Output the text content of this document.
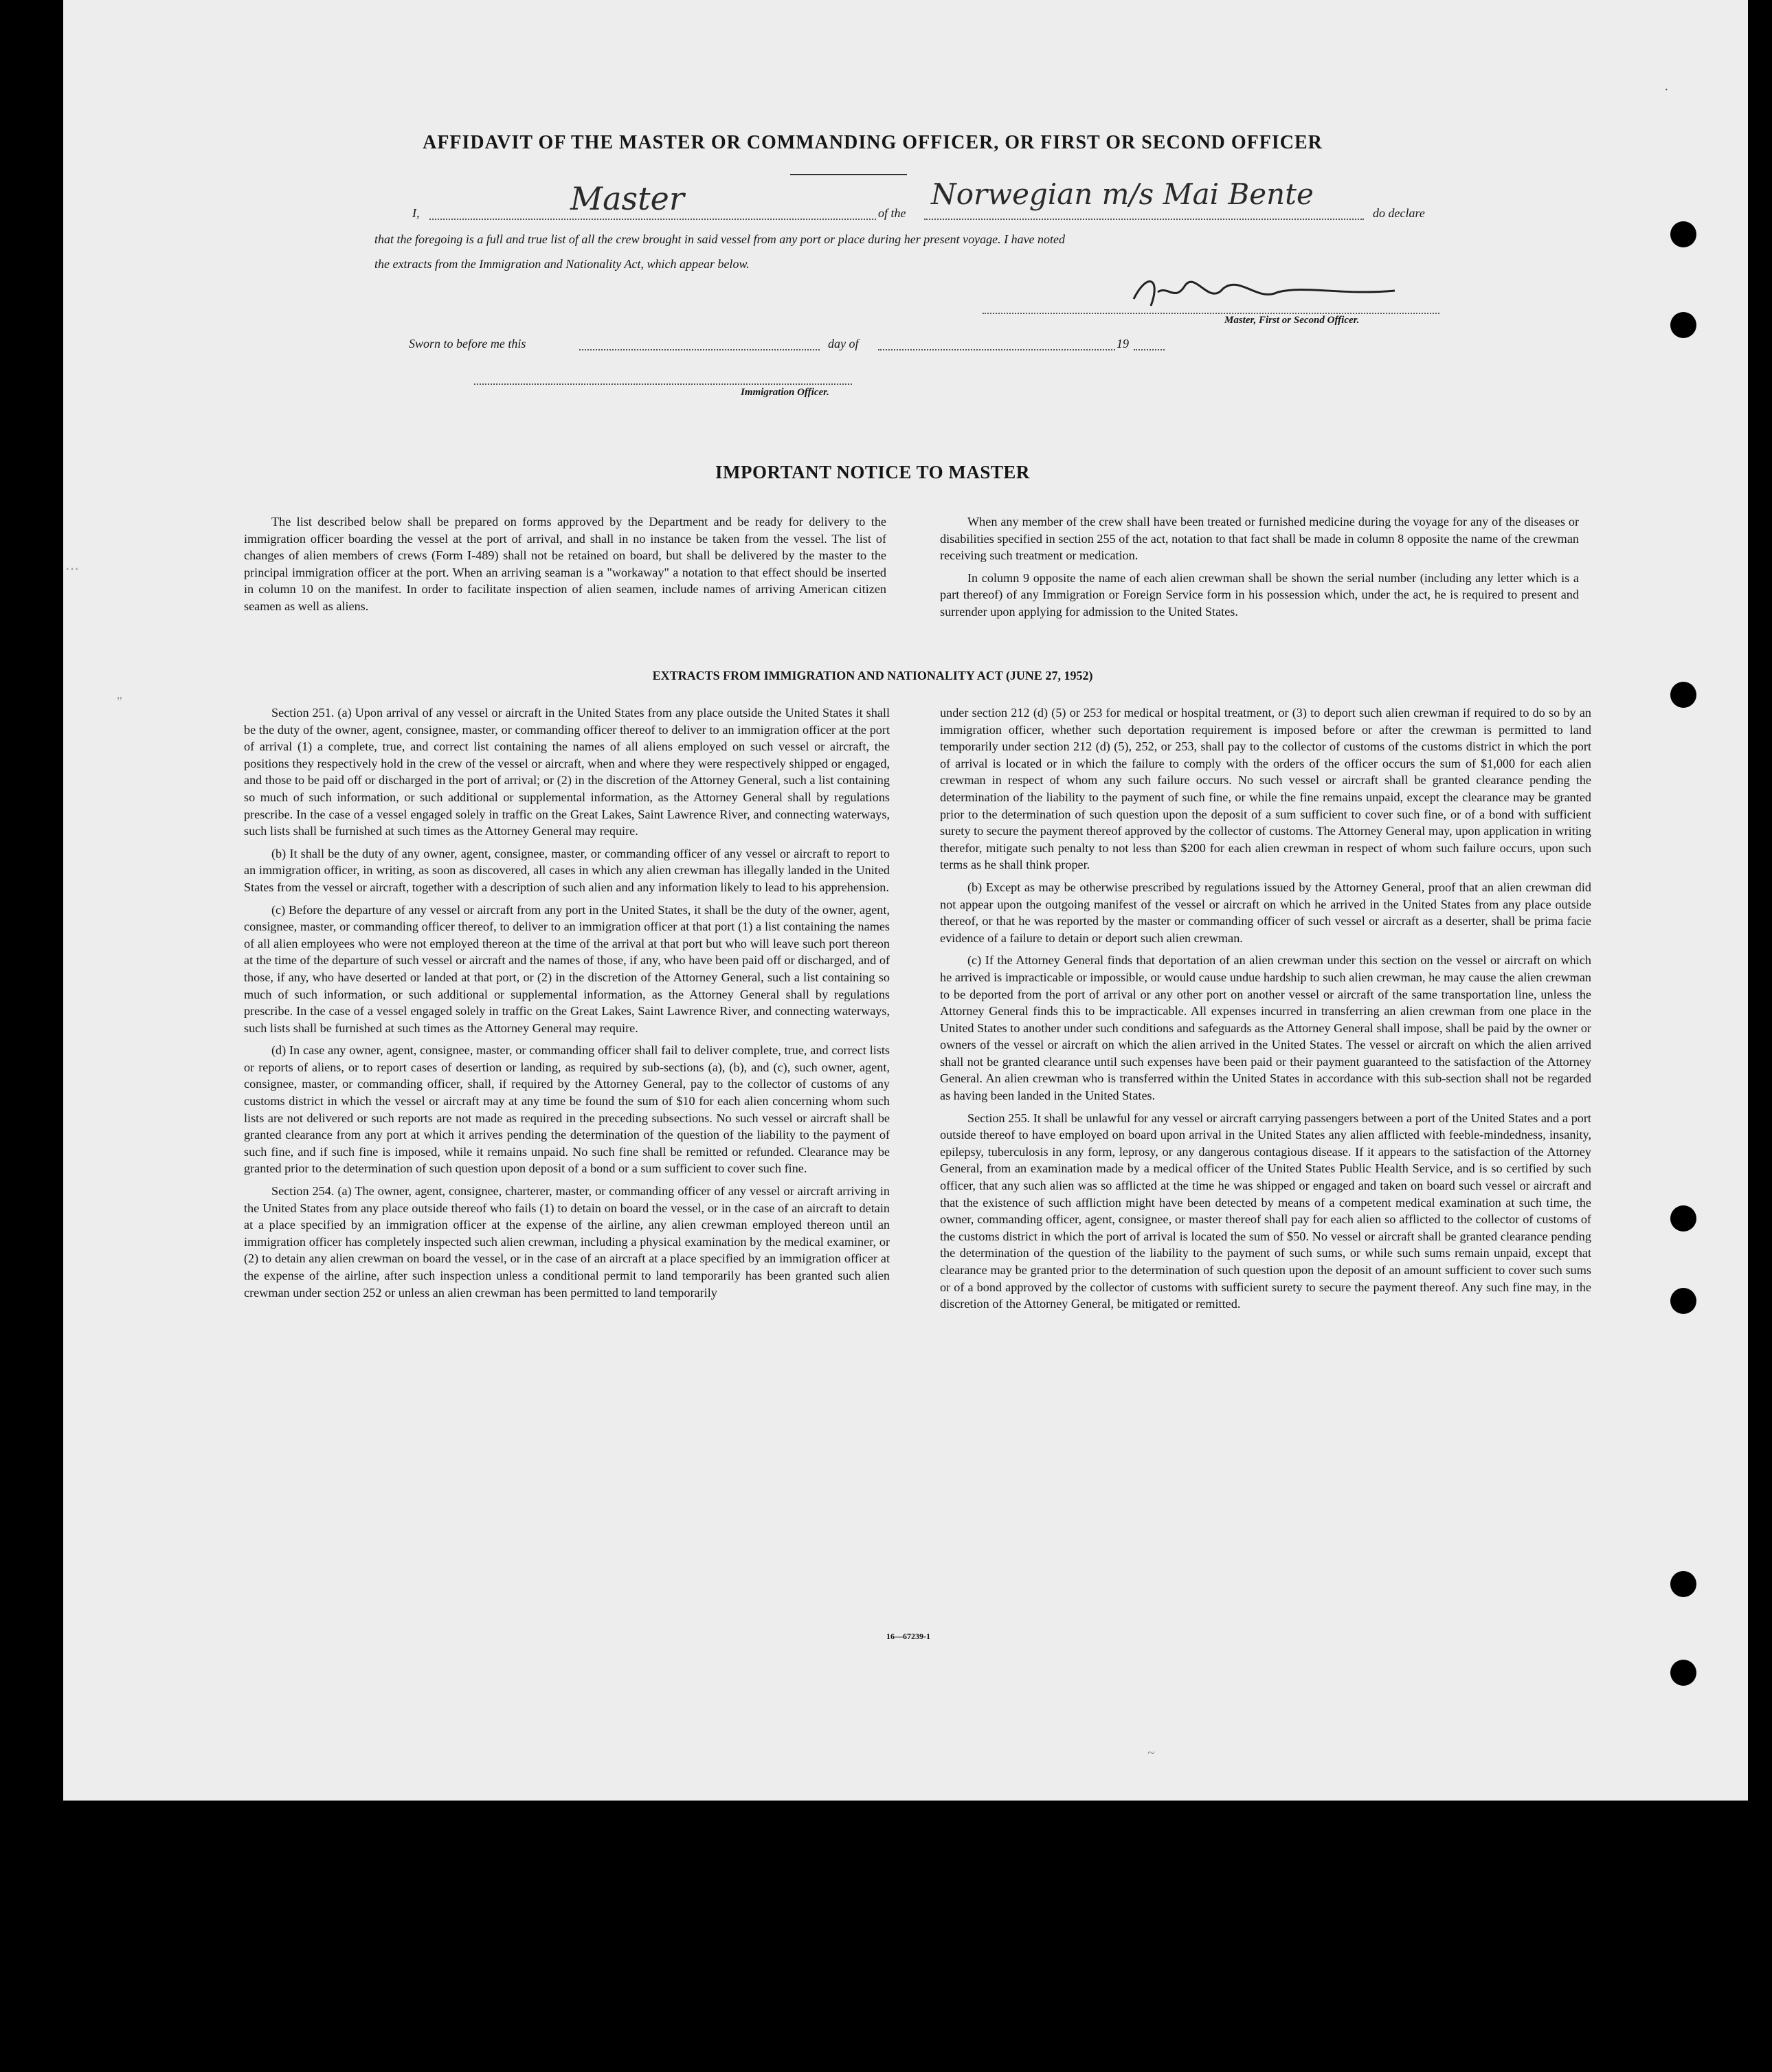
AFFIDAVIT OF THE MASTER OR COMMANDING OFFICER, OR FIRST OR SECOND OFFICER
I,	Master	of the
Norwegian m/s Mai Bente
do declare
that the foregoing is a full and true list of all the crew brought in said vessel from any port or place during her present voyage. I have noted
the extracts from the Immigration and Nationality Act, which appear below.
Master, First or Second Officer.
Sworn to before me this	day of	19
Immigration Officer.
IMPORTANT NOTICE TO MASTER

The list described below shall be prepared on forms approved by the Department and be ready for delivery to the immigration officer boarding the vessel at the port of arrival, and shall in no instance be taken from the vessel. The list of changes of alien members of crews (Form I-489) shall not be retained on board, but shall be delivered by the master to the principal immigration officer at the port. When an arriving seaman is a "workaway" a notation to that effect should be inserted in column 10 on the manifest. In order to facilitate inspection of alien seamen, include names of arriving American citizen seamen as well as aliens.

When any member of the crew shall have been treated or furnished medicine during the voyage for any of the diseases or disabilities specified in section 255 of the act, notation to that fact shall be made in column 8 opposite the name of the crewman receiving such treatment or medication.

In column 9 opposite the name of each alien crewman shall be shown the serial number (including any letter which is a part thereof) of any Immigration or Foreign Service form in his possession which, under the act, he is required to present and surrender upon applying for admission to the United States.

EXTRACTS FROM IMMIGRATION AND NATIONALITY ACT (JUNE 27, 1952)

Section 251. (a) Upon arrival of any vessel or aircraft in the United States from any place outside the United States it shall be the duty of the owner, agent, consignee, master, or commanding officer thereof to deliver to an immigration officer at the port of arrival (1) a complete, true, and correct list containing the names of all aliens employed on such vessel or aircraft, the positions they respectively hold in the crew of the vessel or aircraft, when and where they were respectively shipped or engaged, and those to be paid off or discharged in the port of arrival; or (2) in the discretion of the Attorney General, such a list containing so much of such information, or such additional or supplemental information, as the Attorney General shall by regulations prescribe. In the case of a vessel engaged solely in traffic on the Great Lakes, Saint Lawrence River, and connecting waterways, such lists shall be furnished at such times as the Attorney General may require.

(b) It shall be the duty of any owner, agent, consignee, master, or commanding officer of any vessel or aircraft to report to an immigration officer, in writing, as soon as discovered, all cases in which any alien crewman has illegally landed in the United States from the vessel or aircraft, together with a description of such alien and any information likely to lead to his apprehension.

(c) Before the departure of any vessel or aircraft from any port in the United States, it shall be the duty of the owner, agent, consignee, master, or commanding officer thereof, to deliver to an immigration officer at that port (1) a list containing the names of all alien employees who were not employed thereon at the time of the arrival at that port but who will leave such port thereon at the time of the departure of such vessel or aircraft and the names of those, if any, who have been paid off or discharged, and of those, if any, who have deserted or landed at that port, or (2) in the discretion of the Attorney General, such a list containing so much of such information, or such additional or supplemental information, as the Attorney General shall by regulations prescribe. In the case of a vessel engaged solely in traffic on the Great Lakes, Saint Lawrence River, and connecting waterways, such lists shall be furnished at such times as the Attorney General may require.

(d) In case any owner, agent, consignee, master, or commanding officer shall fail to deliver complete, true, and correct lists or reports of aliens, or to report cases of desertion or landing, as required by sub-sections (a), (b), and (c), such owner, agent, consignee, master, or commanding officer, shall, if required by the Attorney General, pay to the collector of customs of any customs district in which the vessel or aircraft may at any time be found the sum of $10 for each alien concerning whom such lists are not delivered or such reports are not made as required in the preceding subsections. No such vessel or aircraft shall be granted clearance from any port at which it arrives pending the determination of the question of the liability to the payment of such fine, and if such fine is imposed, while it remains unpaid. No such fine shall be remitted or refunded. Clearance may be granted prior to the determination of such question upon deposit of a bond or a sum sufficient to cover such fine.

Section 254. (a) The owner, agent, consignee, charterer, master, or commanding officer of any vessel or aircraft arriving in the United States from any place outside thereof who fails (1) to detain on board the vessel, or in the case of an aircraft to detain at a place specified by an immigration officer at the expense of the airline, any alien crewman employed thereon until an immigration officer has completely inspected such alien crewman, including a physical examination by the medical examiner, or (2) to detain any alien crewman on board the vessel, or in the case of an aircraft at a place specified by an immigration officer at the expense of the airline, after such inspection unless a conditional permit to land temporarily has been granted such alien crewman under section 252 or unless an alien crewman has been permitted to land temporarily

under section 212 (d) (5) or 253 for medical or hospital treatment, or (3) to deport such alien crewman if required to do so by an immigration officer, whether such deportation requirement is imposed before or after the crewman is permitted to land temporarily under section 212 (d) (5), 252, or 253, shall pay to the collector of customs of the customs district in which the port of arrival is located or in which the failure to comply with the orders of the officer occurs the sum of $1,000 for each alien crewman in respect of whom any such failure occurs. No such vessel or aircraft shall be granted clearance pending the determination of the liability to the payment of such fine, or while the fine remains unpaid, except the clearance may be granted prior to the determination of such question upon the deposit of a sum sufficient to cover such fine, or of a bond with sufficient surety to secure the payment thereof approved by the collector of customs. The Attorney General may, upon application in writing therefor, mitigate such penalty to not less than $200 for each alien crewman in respect of whom such failure occurs, upon such terms as he shall think proper.

(b) Except as may be otherwise prescribed by regulations issued by the Attorney General, proof that an alien crewman did not appear upon the outgoing manifest of the vessel or aircraft on which he arrived in the United States from any place outside thereof, or that he was reported by the master or commanding officer of such vessel or aircraft as a deserter, shall be prima facie evidence of a failure to detain or deport such alien crewman.

(c) If the Attorney General finds that deportation of an alien crewman under this section on the vessel or aircraft on which he arrived is impracticable or impossible, or would cause undue hardship to such alien crewman, he may cause the alien crewman to be deported from the port of arrival or any other port on another vessel or aircraft of the same transportation line, unless the Attorney General finds this to be impracticable. All expenses incurred in transferring an alien crewman from one place in the United States to another under such conditions and safeguards as the Attorney General shall impose, shall be paid by the owner or owners of the vessel or aircraft on which the alien arrived in the United States. The vessel or aircraft on which the alien arrived shall not be granted clearance until such expenses have been paid or their payment guaranteed to the satisfaction of the Attorney General. An alien crewman who is transferred within the United States in accordance with this sub-section shall not be regarded as having been landed in the United States.

Section 255. It shall be unlawful for any vessel or aircraft carrying passengers between a port of the United States and a port outside thereof to have employed on board upon arrival in the United States any alien afflicted with feeble-mindedness, insanity, epilepsy, tuberculosis in any form, leprosy, or any dangerous contagious disease. If it appears to the satisfaction of the Attorney General, from an examination made by a medical officer of the United States Public Health Service, and is so certified by such officer, that any such alien was so afflicted at the time he was shipped or engaged and taken on board such vessel or aircraft and that the existence of such affliction might have been detected by means of a competent medical examination at such time, the owner, commanding officer, agent, consignee, or master thereof shall pay for each alien so afflicted to the collector of customs of the customs district in which the port of arrival is located the sum of $50. No vessel or aircraft shall be granted clearance pending the determination of the question of the liability to the payment of such sums, or while such sums remain unpaid, except that clearance may be granted prior to the determination of such question upon the deposit of an amount sufficient to cover such sums or of a bond approved by the collector of customs with sufficient surety to secure the payment thereof. Any such fine may, in the discretion of the Attorney General, be mitigated or remitted.

16—67239-1
⋯
"
·
~
